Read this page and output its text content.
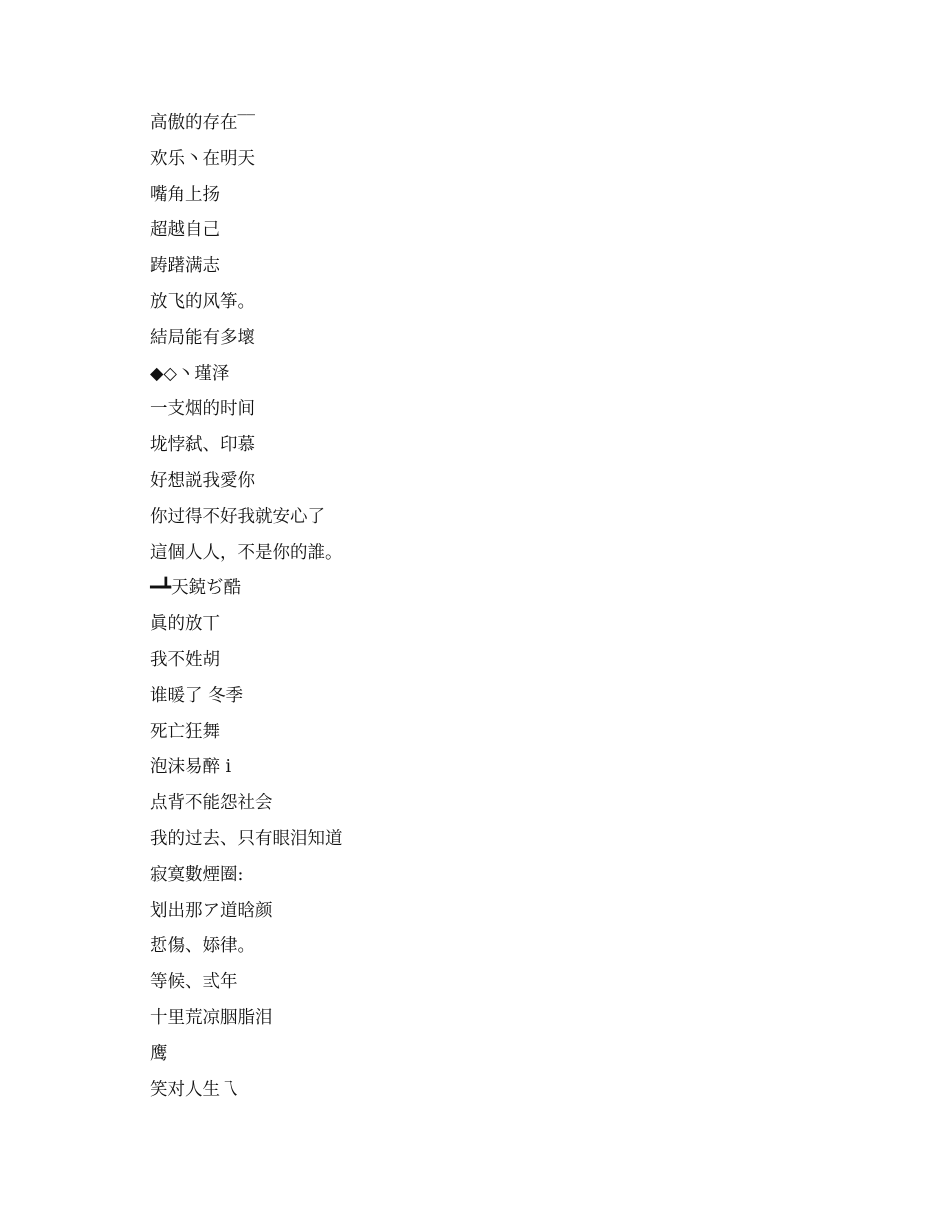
高傲的存在‾‾
欢乐丶在明天
嘴角上扬
超越自己
踌躇满志
放飞的风筝。
結局能有多壞
◆◇丶瑾泽
一支烟的时间
垅悖弑、印慕
好想説我愛你
你过得不好我就安心了
這個人人，不是你的誰。
━┻天鋴ぢ酷
眞的放丅
我不姓胡
谁暖了 冬季
死亡狂舞
泡沫易醉 i
点背不能怨社会
我的过去、只有眼泪知道
寂寞數煙圈:
划出那ア道晗颜
悊傷、婖律。
等候、弎年
十里荒凉胭脂泪
鹰
笑对人生乁
